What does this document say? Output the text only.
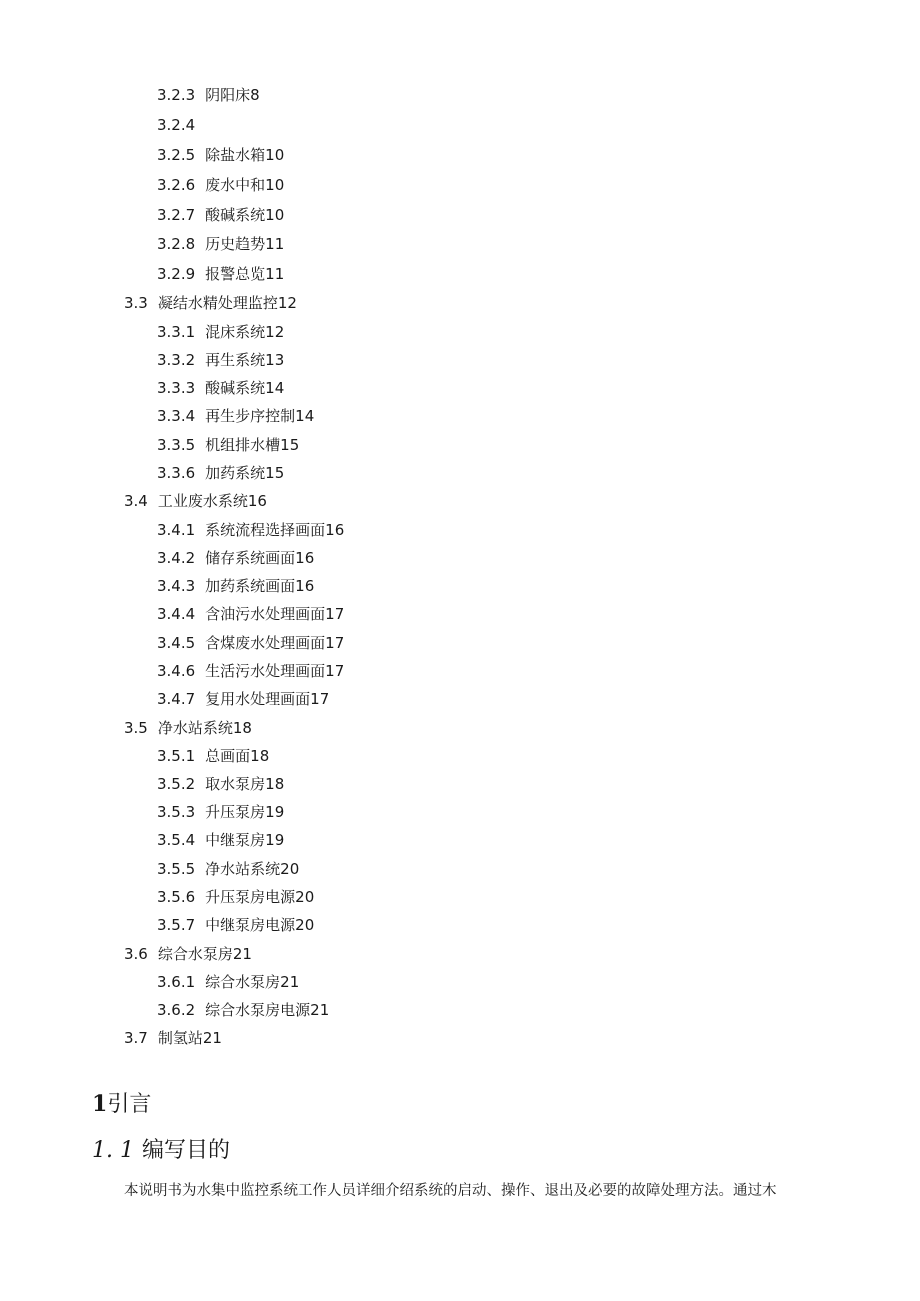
3.2.3 阴阳床8
3.2.4
3.2.5 除盐水箱10
3.2.6 废水中和10
3.2.7 酸碱系统10
3.2.8 历史趋势11
3.2.9 报警总览11
3.3 凝结水精处理监控12
3.3.1 混床系统12
3.3.2 再生系统13
3.3.3 酸碱系统14
3.3.4 再生步序控制14
3.3.5 机组排水槽15
3.3.6 加药系统15
3.4 工业废水系统16
3.4.1 系统流程选择画面16
3.4.2 储存系统画面16
3.4.3 加药系统画面16
3.4.4 含油污水处理画面17
3.4.5 含煤废水处理画面17
3.4.6 生活污水处理画面17
3.4.7 复用水处理画面17
3.5 净水站系统18
3.5.1 总画面18
3.5.2 取水泵房18
3.5.3 升压泵房19
3.5.4 中继泵房19
3.5.5 净水站系统20
3.5.6 升压泵房电源20
3.5.7 中继泵房电源20
3.6 综合水泵房21
3.6.1 综合水泵房21
3.6.2 综合水泵房电源21
3.7 制氢站21
1引言
1. 1 编写目的
本说明书为水集中监控系统工作人员详细介绍系统的启动、操作、退出及必要的故障处理方法。通过木
